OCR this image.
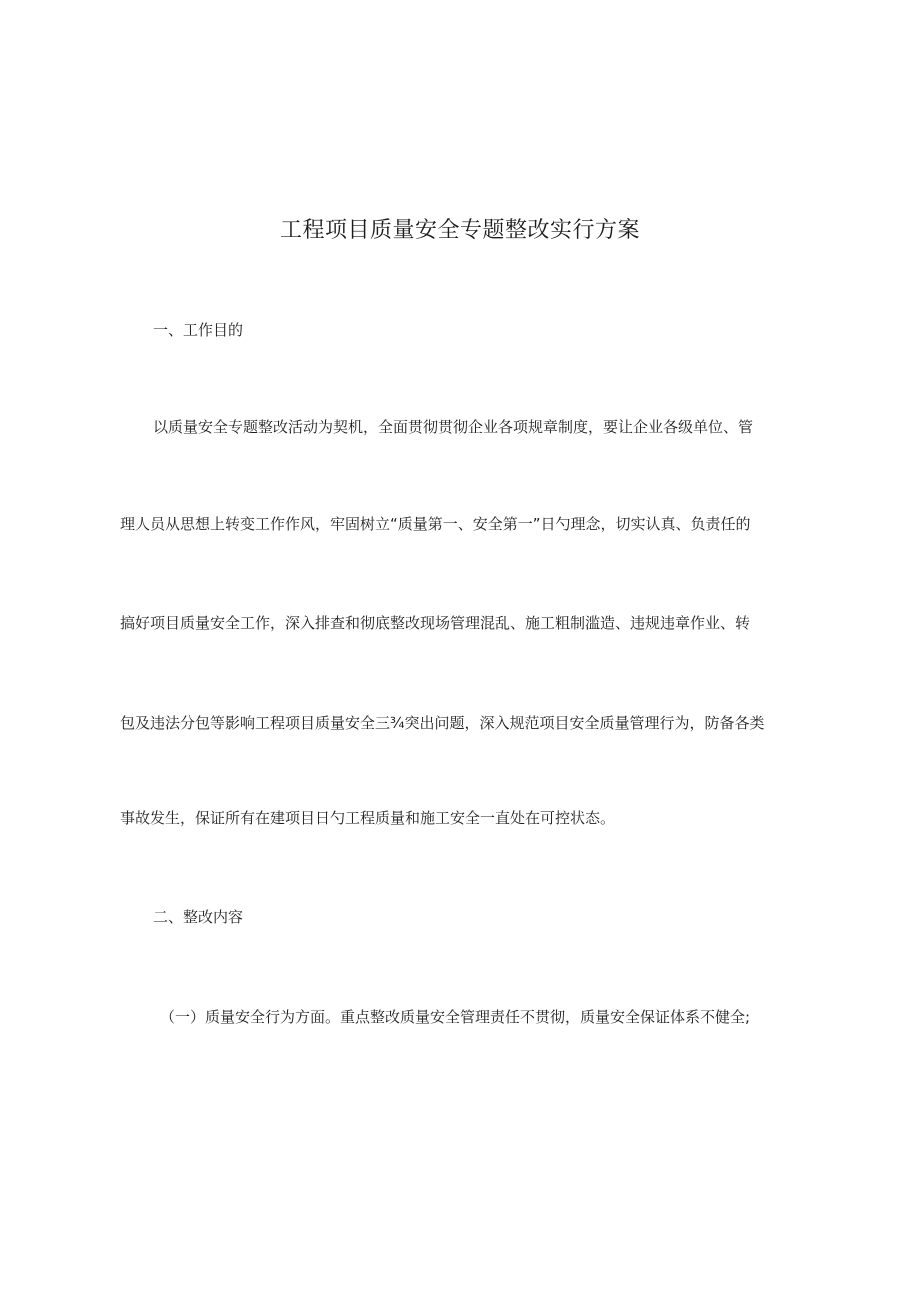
工程项目质量安全专题整改实行方案
一、工作目的
以质量安全专题整改活动为契机，全面贯彻贯彻企业各项规章制度，要让企业各级单位、管
理人员从思想上转变工作作风，牢固树立“质量第一、安全第一”日勺理念，切实认真、负责任的
搞好项目质量安全工作，深入排查和彻底整改现场管理混乱、施工粗制滥造、违规违章作业、转
包及违法分包等影响工程项目质量安全三¾突出问题，深入规范项目安全质量管理行为，防备各类
事故发生，保证所有在建项目日勺工程质量和施工安全一直处在可控状态。
二、整改内容
（一）质量安全行为方面。重点整改质量安全管理责任不贯彻，质量安全保证体系不健全;
